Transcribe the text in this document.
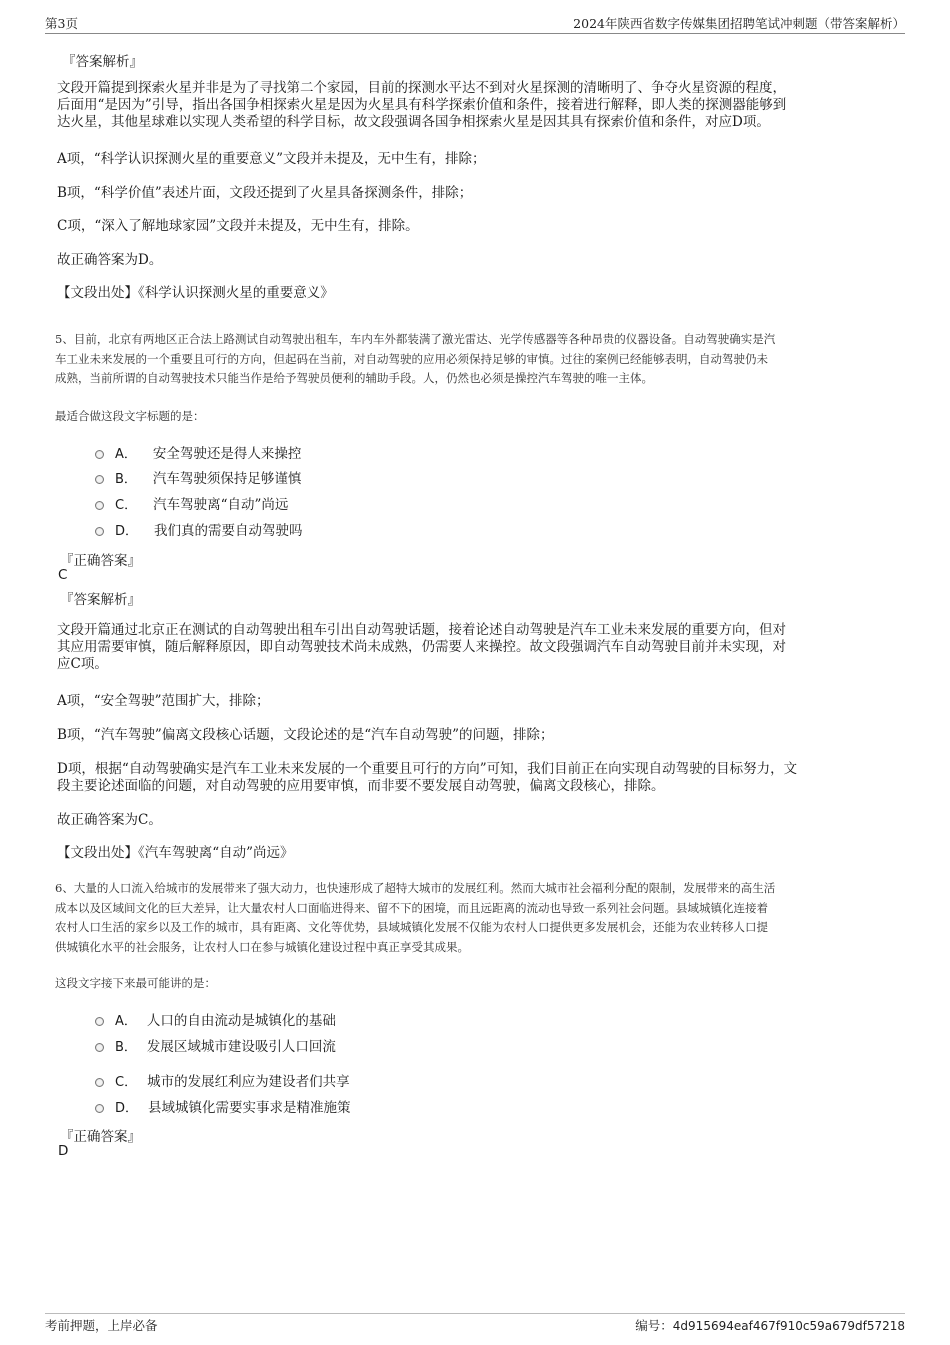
第3页	2024年陕西省数字传媒集团招聘笔试冲刺题（带答案解析）
『答案解析』
文段开篇提到探索火星并非是为了寻找第二个家园，目前的探测水平达不到对火星探测的清晰明了、争夺火星资源的程度，
后面用“是因为”引导，指出各国争相探索火星是因为火星具有科学探索价值和条件，接着进行解释，即人类的探测器能够到
达火星，其他星球难以实现人类希望的科学目标，故文段强调各国争相探索火星是因其具有探索价值和条件，对应D项。
A项，“科学认识探测火星的重要意义”文段并未提及，无中生有，排除；
B项，“科学价值”表述片面，文段还提到了火星具备探测条件，排除；
C项，“深入了解地球家园”文段并未提及，无中生有，排除。
故正确答案为D。
【文段出处】《科学认识探测火星的重要意义》
5、目前，北京有两地区正合法上路测试自动驾驶出租车，车内车外都装满了激光雷达、光学传感器等各种昂贵的仪器设备。自动驾驶确实是汽
车工业未来发展的一个重要且可行的方向，但起码在当前，对自动驾驶的应用必须保持足够的审慎。过往的案例已经能够表明，自动驾驶仍未
成熟，当前所谓的自动驾驶技术只能当作是给予驾驶员便利的辅助手段。人，仍然也必须是操控汽车驾驶的唯一主体。
最适合做这段文字标题的是：
A． 安全驾驶还是得人来操控
B． 汽车驾驶须保持足够谨慎
C． 汽车驾驶离“自动”尚远
D． 我们真的需要自动驾驶吗
『正确答案』
C
『答案解析』
文段开篇通过北京正在测试的自动驾驶出租车引出自动驾驶话题，接着论述自动驾驶是汽车工业未来发展的重要方向，但对
其应用需要审慎，随后解释原因，即自动驾驶技术尚未成熟，仍需要人来操控。故文段强调汽车自动驾驶目前并未实现，对
应C项。
A项，“安全驾驶”范围扩大，排除；
B项，“汽车驾驶”偏离文段核心话题，文段论述的是“汽车自动驾驶”的问题，排除；
D项，根据“自动驾驶确实是汽车工业未来发展的一个重要且可行的方向”可知，我们目前正在向实现自动驾驶的目标努力，文
段主要论述面临的问题，对自动驾驶的应用要审慎，而非要不要发展自动驾驶，偏离文段核心，排除。
故正确答案为C。
【文段出处】《汽车驾驶离“自动”尚远》
6、大量的人口流入给城市的发展带来了强大动力，也快速形成了超特大城市的发展红利。然而大城市社会福利分配的限制，发展带来的高生活
成本以及区域间文化的巨大差异，让大量农村人口面临进得来、留不下的困境，而且远距离的流动也导致一系列社会问题。县域城镇化连接着
农村人口生活的家乡以及工作的城市，具有距离、文化等优势，县域城镇化发展不仅能为农村人口提供更多发展机会，还能为农业转移人口提
供城镇化水平的社会服务，让农村人口在参与城镇化建设过程中真正享受其成果。
这段文字接下来最可能讲的是：
A． 人口的自由流动是城镇化的基础
B． 发展区域城市建设吸引人口回流
C． 城市的发展红利应为建设者们共享
D． 县域城镇化需要实事求是精准施策
『正确答案』
D
考前押题，上岸必备	编号：4d915694eaf467f910c59a679df57218
